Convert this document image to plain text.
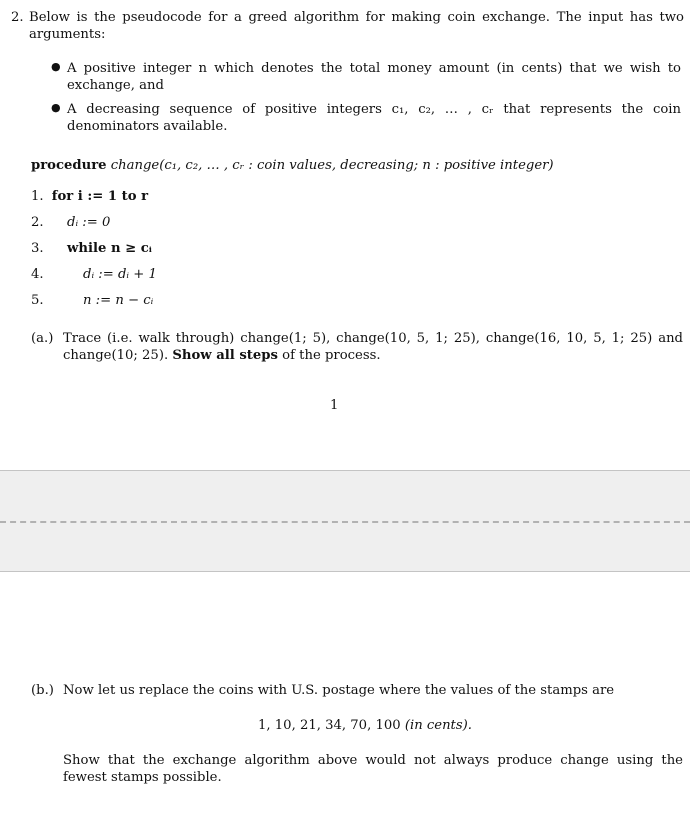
2. Below is the pseudocode for a greed algorithm for making coin exchange. The input has two arguments:
● A positive integer n which denotes the total money amount (in cents) that we wish to exchange, and
● A decreasing sequence of positive integers c₁, c₂, … , cᵣ that represents the coin denominators available.
procedure change(c₁, c₂, … , cᵣ : coin values, decreasing; n : positive integer)
1. for i := 1 to r
2. dᵢ := 0
3. while n ≥ cᵢ
4.	dᵢ := dᵢ + 1
5.	n := n − cᵢ
(a.) Trace (i.e. walk through) change(1; 5), change(10, 5, 1; 25), change(16, 10, 5, 1; 25) and change(10; 25). Show all steps of the process.
1
(b.) Now let us replace the coins with U.S. postage where the values of the stamps are
1, 10, 21, 34, 70, 100 (in cents).
Show that the exchange algorithm above would not always produce change using the fewest stamps possible.
